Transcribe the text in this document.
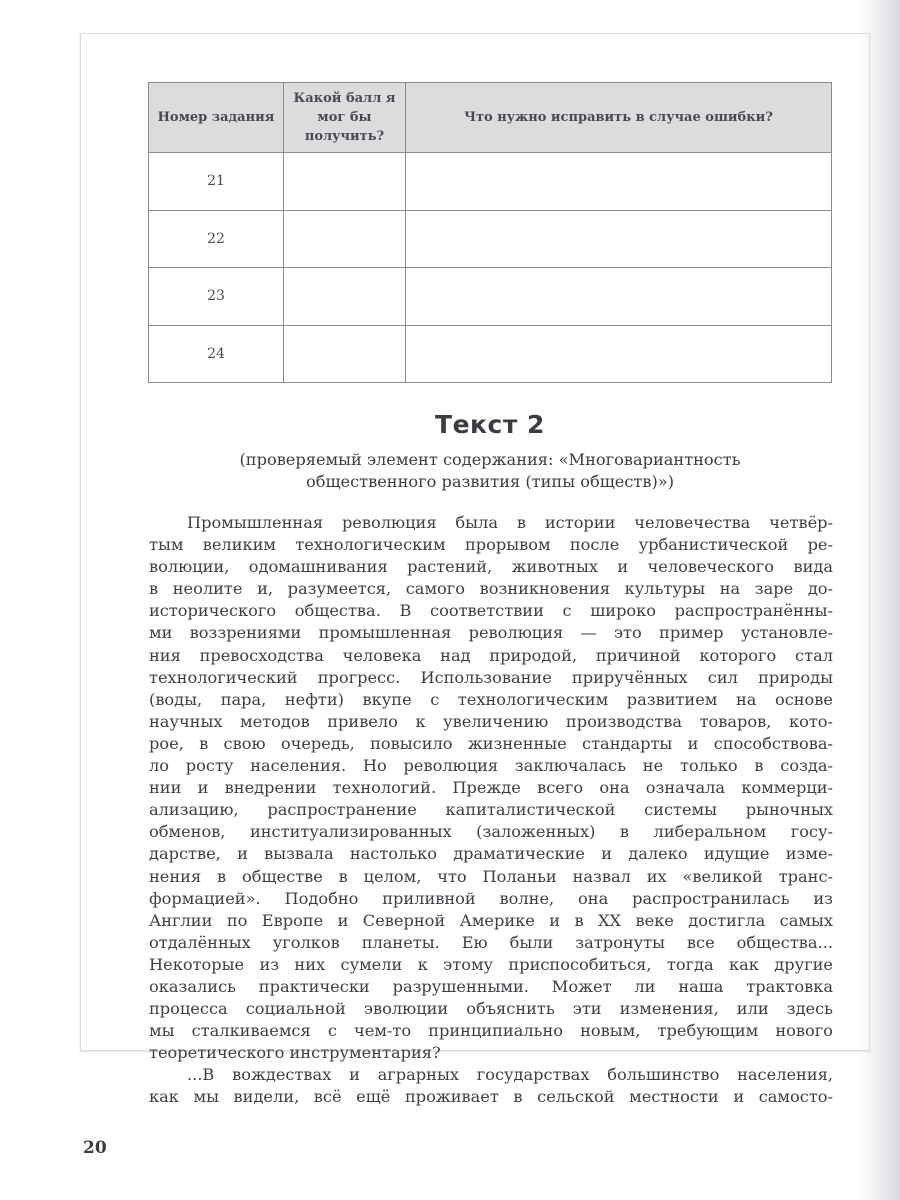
Номер задания	Какой балл я мог бы получить?	Что нужно исправить в случае ошибки?
21		
22		
23		
24		
Текст 2
(проверяемый элемент содержания: «Многовариантность
общественного развития (типы обществ)»)
Промышленная революция была в истории человечества четвёр-
тым великим технологическим прорывом после урбанистической ре-
волюции, одомашнивания растений, животных и человеческого вида
в неолите и, разумеется, самого возникновения культуры на заре до-
исторического общества. В соответствии с широко распространённы-
ми воззрениями промышленная революция — это пример установле-
ния превосходства человека над природой, причиной которого стал
технологический прогресс. Использование приручённых сил природы
(воды, пара, нефти) вкупе с технологическим развитием на основе
научных методов привело к увеличению производства товаров, кото-
рое, в свою очередь, повысило жизненные стандарты и способствова-
ло росту населения. Но революция заключалась не только в созда-
нии и внедрении технологий. Прежде всего она означала коммерци-
ализацию, распространение капиталистической системы рыночных
обменов, институализированных (заложенных) в либеральном госу-
дарстве, и вызвала настолько драматические и далеко идущие изме-
нения в обществе в целом, что Поланьи назвал их «великой транс-
формацией». Подобно приливной волне, она распространилась из
Англии по Европе и Северной Америке и в XX веке достигла самых
отдалённых уголков планеты. Ею были затронуты все общества...
Некоторые из них сумели к этому приспособиться, тогда как другие
оказались практически разрушенными. Может ли наша трактовка
процесса социальной эволюции объяснить эти изменения, или здесь
мы сталкиваемся с чем-то принципиально новым, требующим нового
теоретического инструментария?
...В вождествах и аграрных государствах большинство населения,
как мы видели, всё ещё проживает в сельской местности и самосто-
20
